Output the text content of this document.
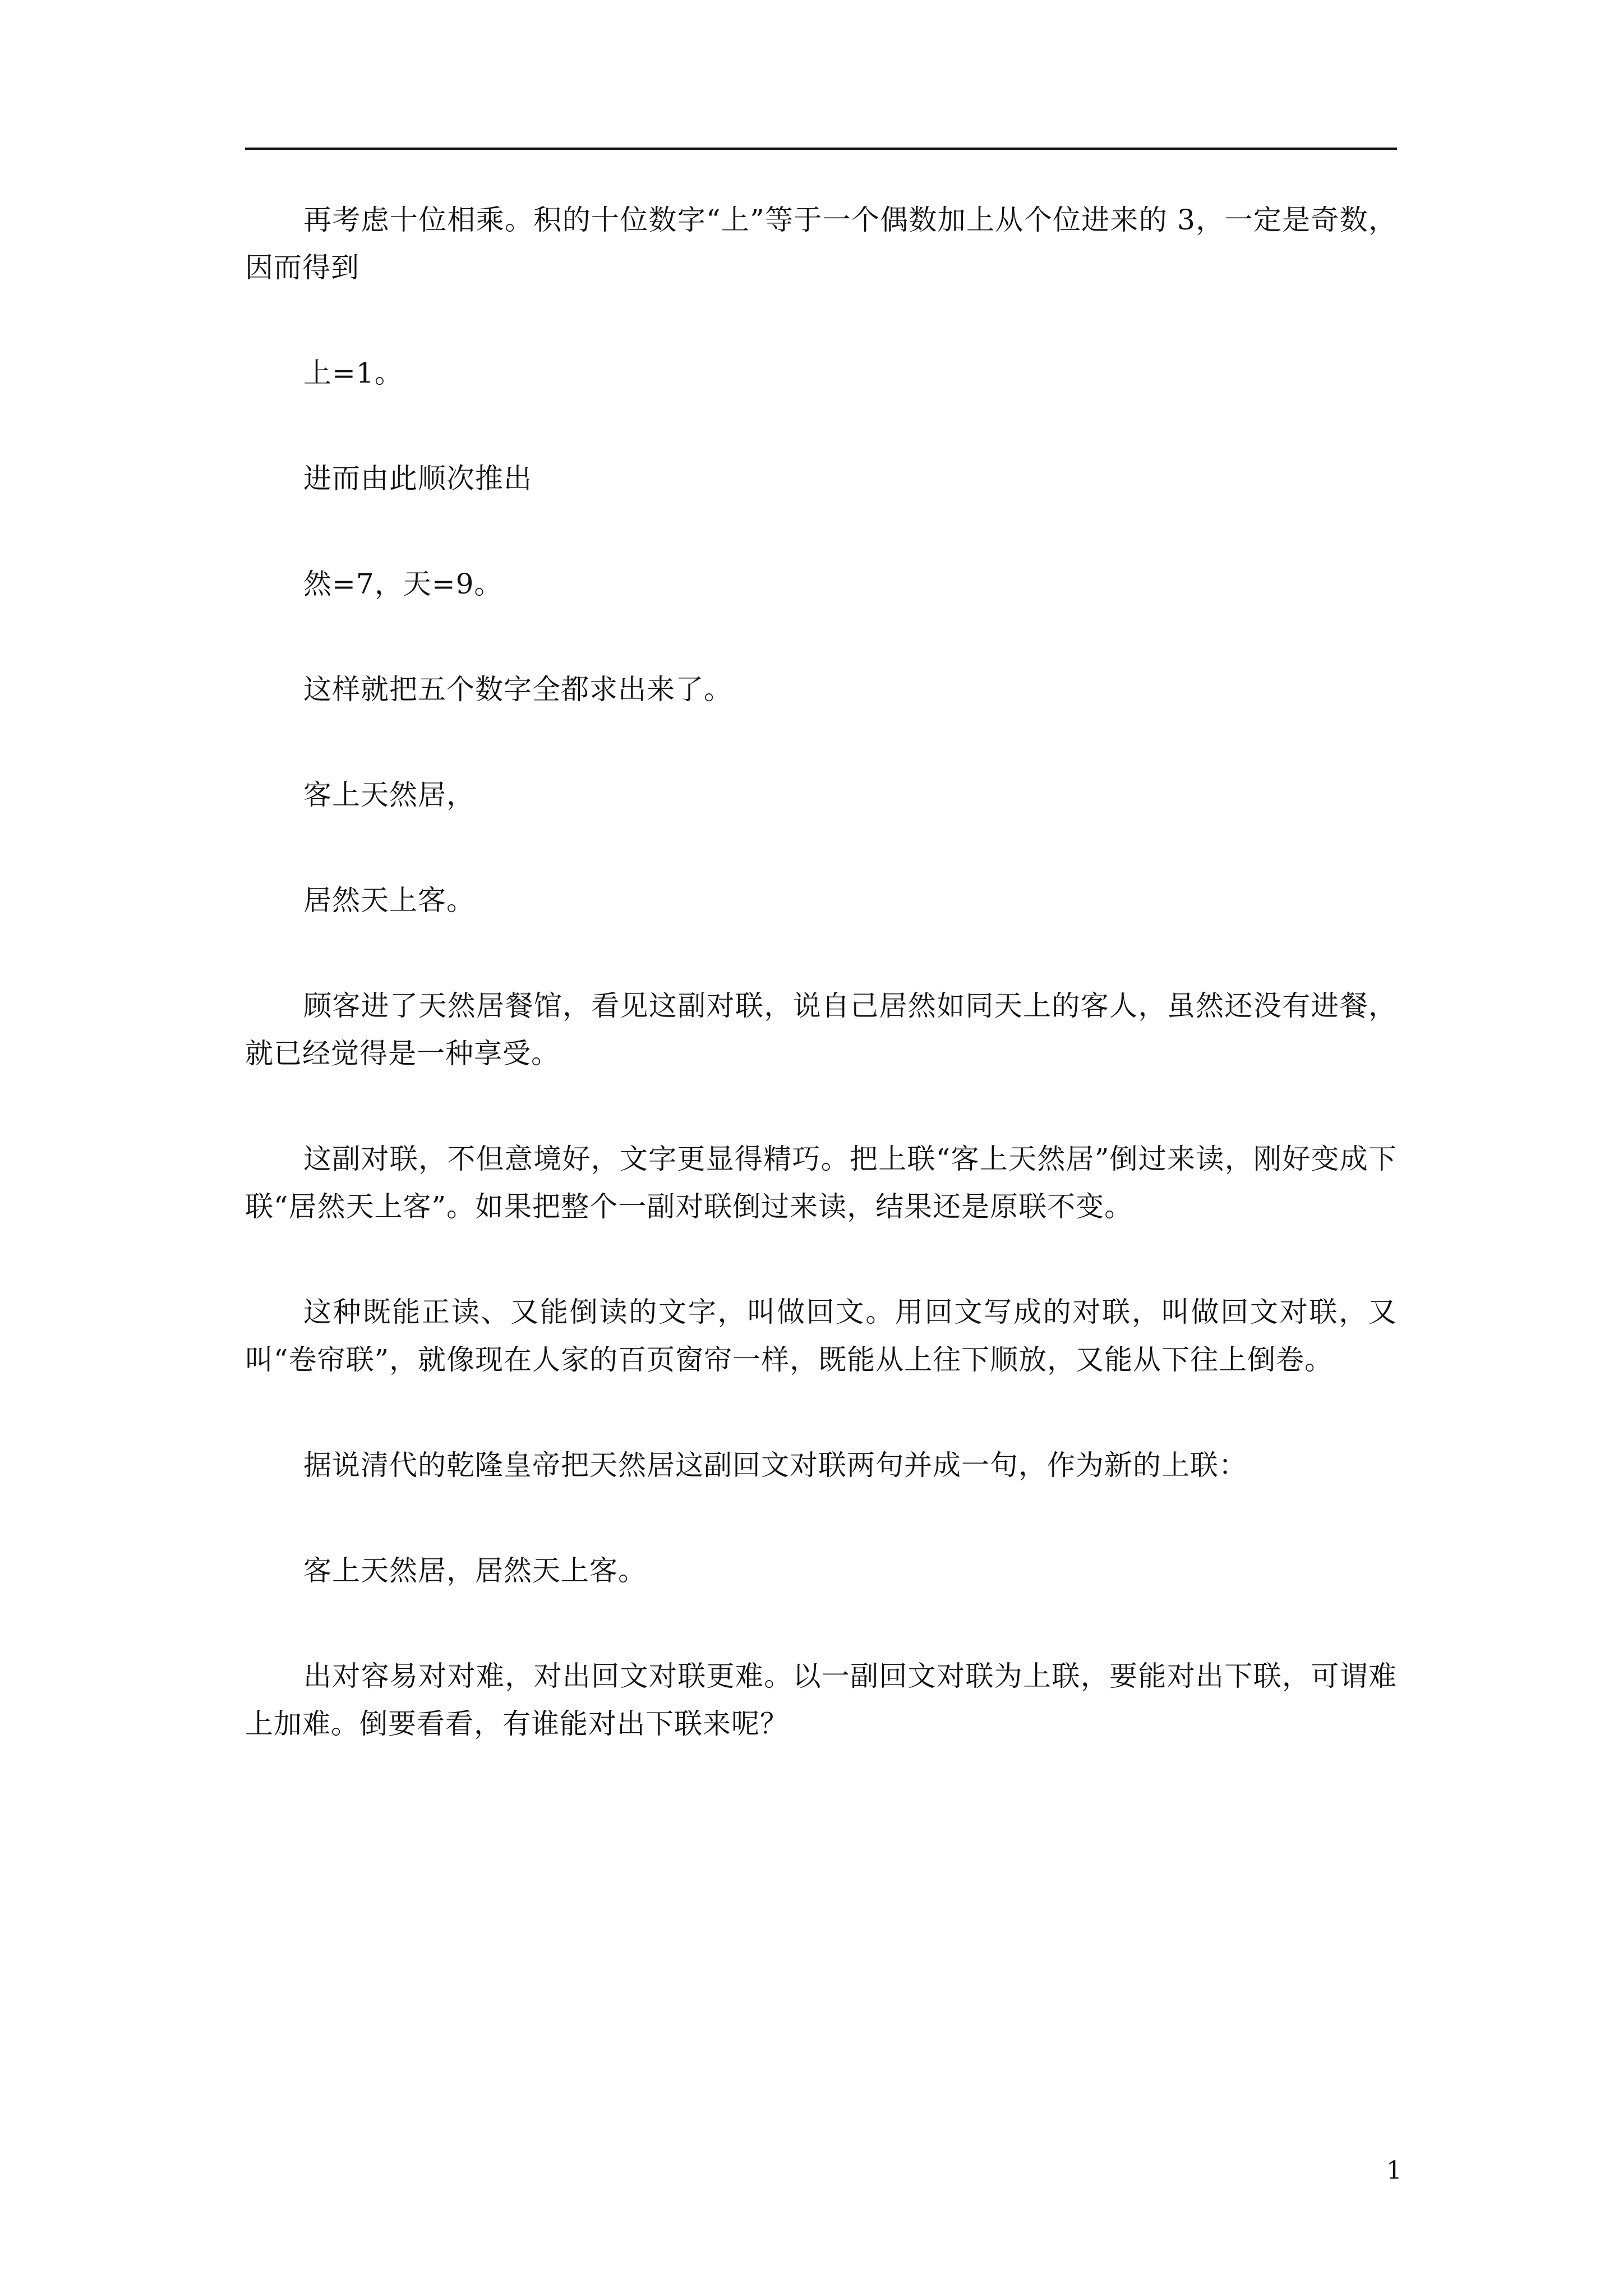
再考虑十位相乘。积的十位数字“上”等于一个偶数加上从个位进来的 3，一定是奇数，因而得到

上=1。

进而由此顺次推出

然=7，天=9。

这样就把五个数字全都求出来了。

客上天然居，

居然天上客。

顾客进了天然居餐馆，看见这副对联，说自己居然如同天上的客人，虽然还没有进餐，就已经觉得是一种享受。

这副对联，不但意境好，文字更显得精巧。把上联“客上天然居”倒过来读，刚好变成下联“居然天上客”。如果把整个一副对联倒过来读，结果还是原联不变。

这种既能正读、又能倒读的文字，叫做回文。用回文写成的对联，叫做回文对联，又叫“卷帘联”，就像现在人家的百页窗帘一样，既能从上往下顺放，又能从下往上倒卷。

据说清代的乾隆皇帝把天然居这副回文对联两句并成一句，作为新的上联：

客上天然居，居然天上客。

出对容易对对难，对出回文对联更难。以一副回文对联为上联，要能对出下联，可谓难上加难。倒要看看，有谁能对出下联来呢？

1
